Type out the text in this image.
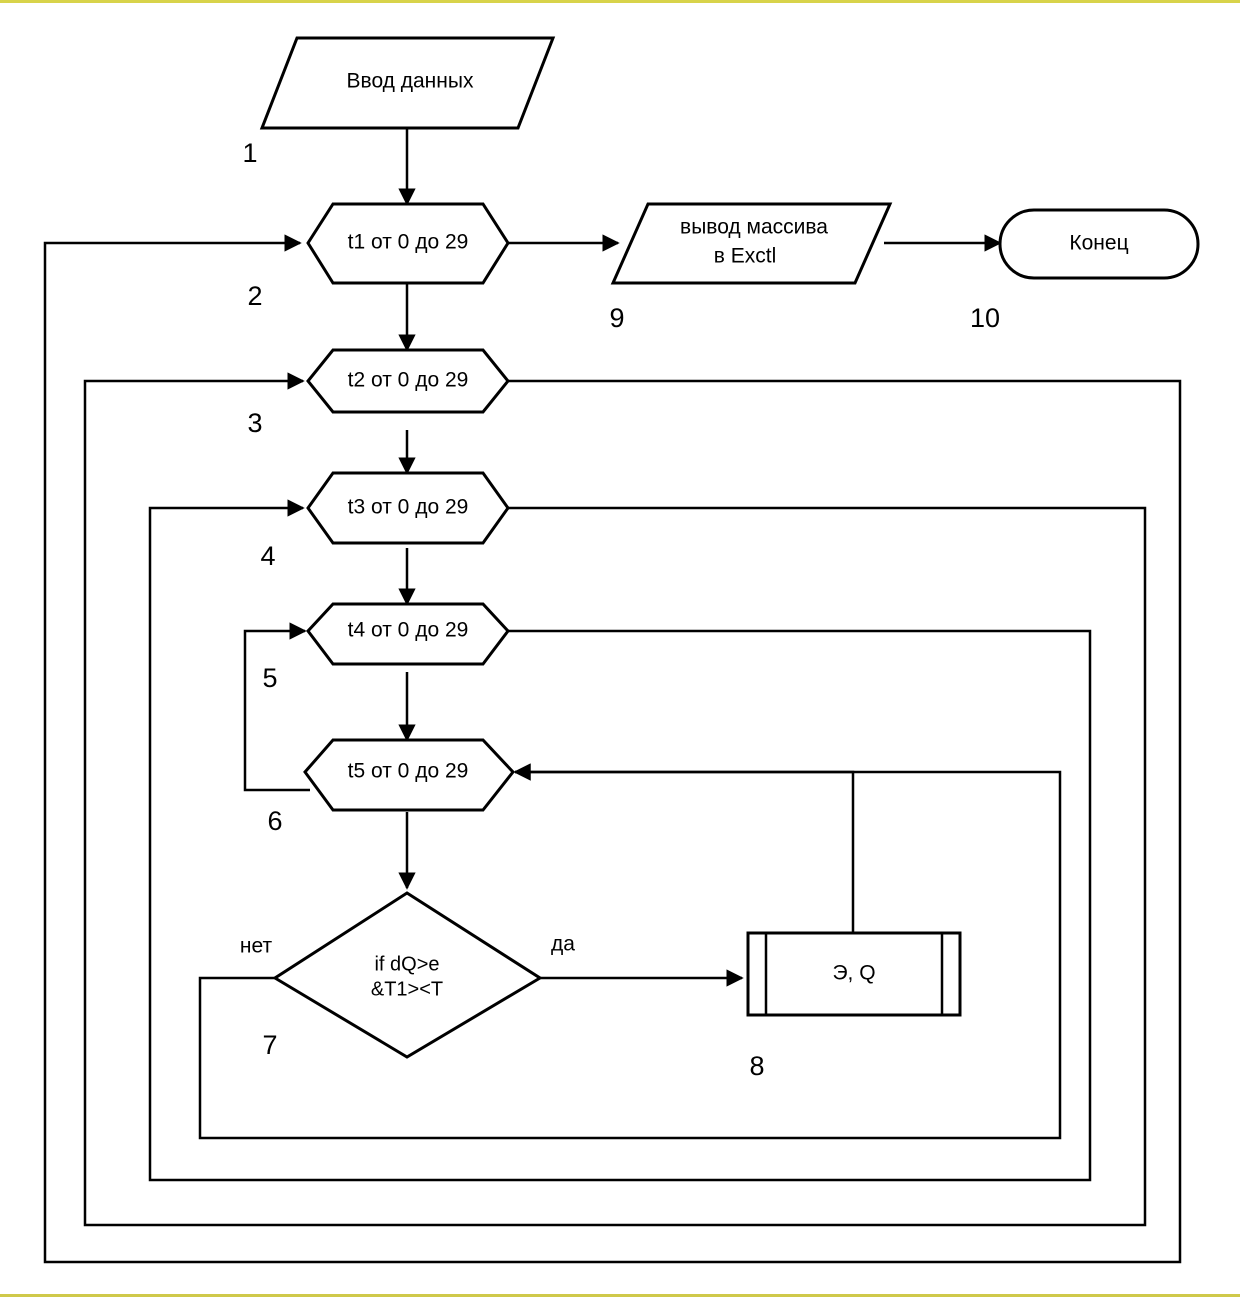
Ввод данных
1
t1 от 0 до 29
2
t2 от 0 до 29
3
t3 от 0 до 29
4
t4 от 0 до 29
5
t5 от 0 до 29
6
if dQ>e
&T1><T
7
нет	да
Э, Q
8
вывод массива
в Exctl
9
Конец
10
